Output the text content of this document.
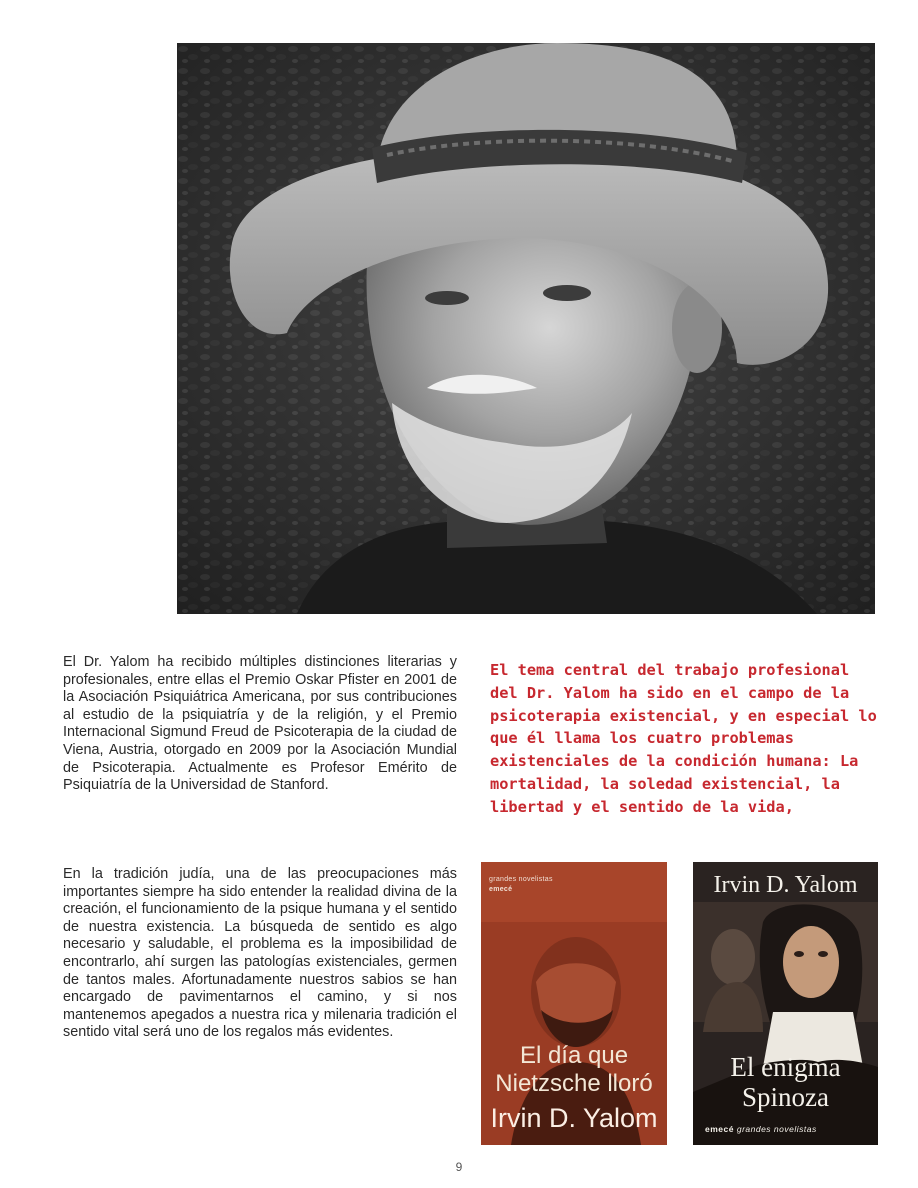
El Dr. Yalom ha recibido múltiples distinciones literarias y profesionales, entre ellas el Premio Oskar Pfister en 2001 de la Asociación Psiquiátrica Americana, por sus contribuciones al estudio de la psiquiatría y de la religión, y el Premio Internacional Sigmund Freud de Psicoterapia de la ciudad de Viena, Austria, otorgado en 2009 por la Asociación Mundial de Psicoterapia. Actualmente es Profesor Emérito de Psiquiatría de la Universidad de Stanford.
En la tradición judía, una de las preocupaciones más importantes siempre ha sido entender la realidad divina de la creación, el funcionamiento de la psique humana y el sentido de nuestra existencia. La búsqueda de sentido es algo necesario y saludable, el problema es la imposibilidad de encontrarlo, ahí surgen las patologías existenciales, germen de tantos males. Afortunadamente nuestros sabios se han encargado de pavimentarnos el camino, y si nos mantenemos apegados a nuestra rica y milenaria tradición el sentido vital será uno de los regalos más evidentes.

El tema central del trabajo profesional del Dr. Yalom ha sido en el campo de la psicoterapia existencial, y en especial lo que él llama los cuatro problemas existenciales de la condición humana: La mortalidad, la soledad existencial, la libertad y el sentido de la vida,

grandes novelistas
emecé
El día que
Nietzsche lloró
Irvin D. Yalom
Irvin D. Yalom
El enigma
Spinoza
emecé grandes novelistas
9
